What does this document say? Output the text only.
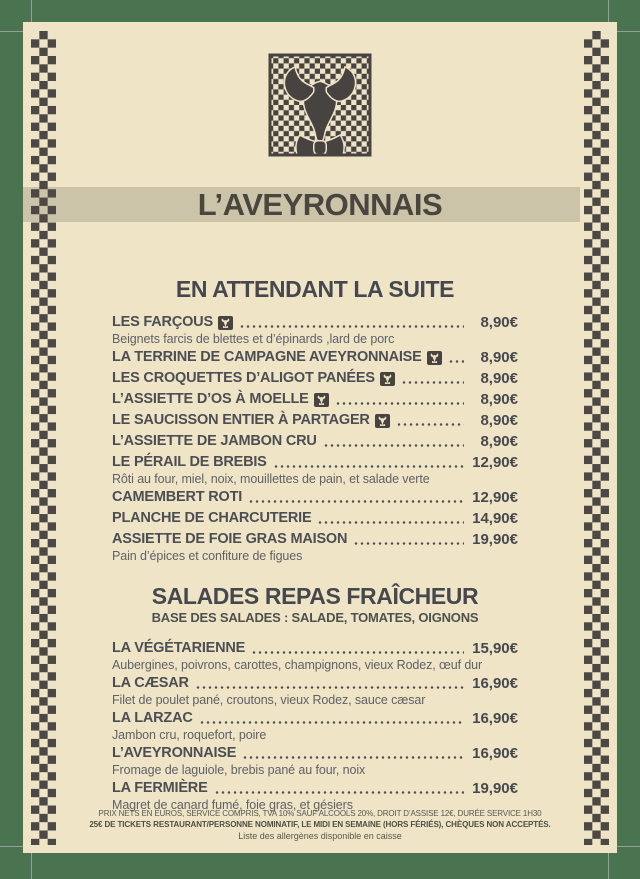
L’AVEYRONNAIS
EN ATTENDANT LA SUITE
LES FARÇOUS	8,90€
Beignets farcis de blettes et d’épinards ,lard de porc
LA TERRINE DE CAMPAGNE AVEYRONNAISE	8,90€
LES CROQUETTES D’ALIGOT PANÉES	8,90€
L’ASSIETTE D’OS À MOELLE	8,90€
LE SAUCISSON ENTIER À PARTAGER	8,90€
L’ASSIETTE DE JAMBON CRU	8,90€
LE PÉRAIL DE BREBIS	12,90€
Rôti au four, miel, noix, mouillettes de pain, et salade verte
CAMEMBERT ROTI	12,90€
PLANCHE DE CHARCUTERIE	14,90€
ASSIETTE DE FOIE GRAS MAISON	19,90€
Pain d’épices et confiture de figues
SALADES REPAS FRAÎCHEUR
BASE DES SALADES : SALADE, TOMATES, OIGNONS
LA VÉGÉTARIENNE	15,90€
Aubergines, poivrons, carottes, champignons, vieux Rodez, œuf dur
LA CÆSAR	16,90€
Filet de poulet pané, croutons, vieux Rodez, sauce cæsar
LA LARZAC	16,90€
Jambon cru, roquefort, poire
L’AVEYRONNAISE	16,90€
Fromage de laguiole, brebis pané au four, noix
LA FERMIÈRE	19,90€
Magret de canard fumé, foie gras, et gésiers
PRIX NETS EN EUROS, SERVICE COMPRIS, TVA 10% SAUF ALCOOLS 20%, DROIT D’ASSISE 12€, DURÉE SERVICE 1H30
25€ DE TICKETS RESTAURANT/PERSONNE NOMINATIF, LE MIDI EN SEMAINE (HORS FÉRIÉS), CHÈQUES NON ACCEPTÉS.
Liste des allergènes disponible en caisse
